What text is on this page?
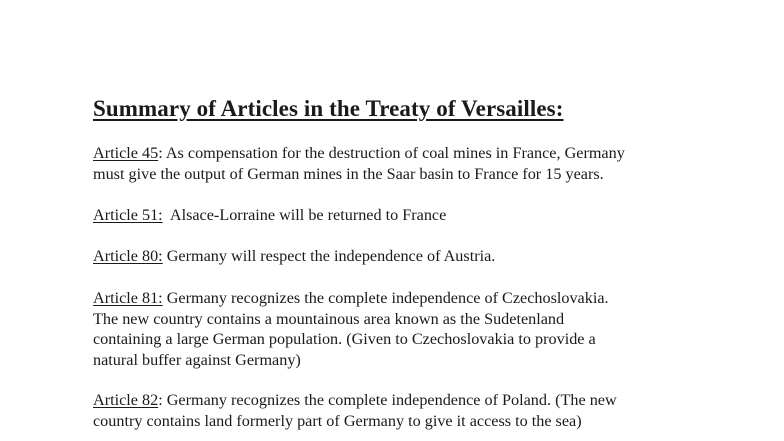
Summary of Articles in the Treaty of Versailles:

Article 45: As compensation for the destruction of coal mines in France, Germany
must give the output of German mines in the Saar basin to France for 15 years.

Article 51: Alsace-Lorraine will be returned to France

Article 80: Germany will respect the independence of Austria.

Article 81: Germany recognizes the complete independence of Czechoslovakia.
The new country contains a mountainous area known as the Sudetenland
containing a large German population. (Given to Czechoslovakia to provide a
natural buffer against Germany)

Article 82: Germany recognizes the complete independence of Poland. (The new
country contains land formerly part of Germany to give it access to the sea)
